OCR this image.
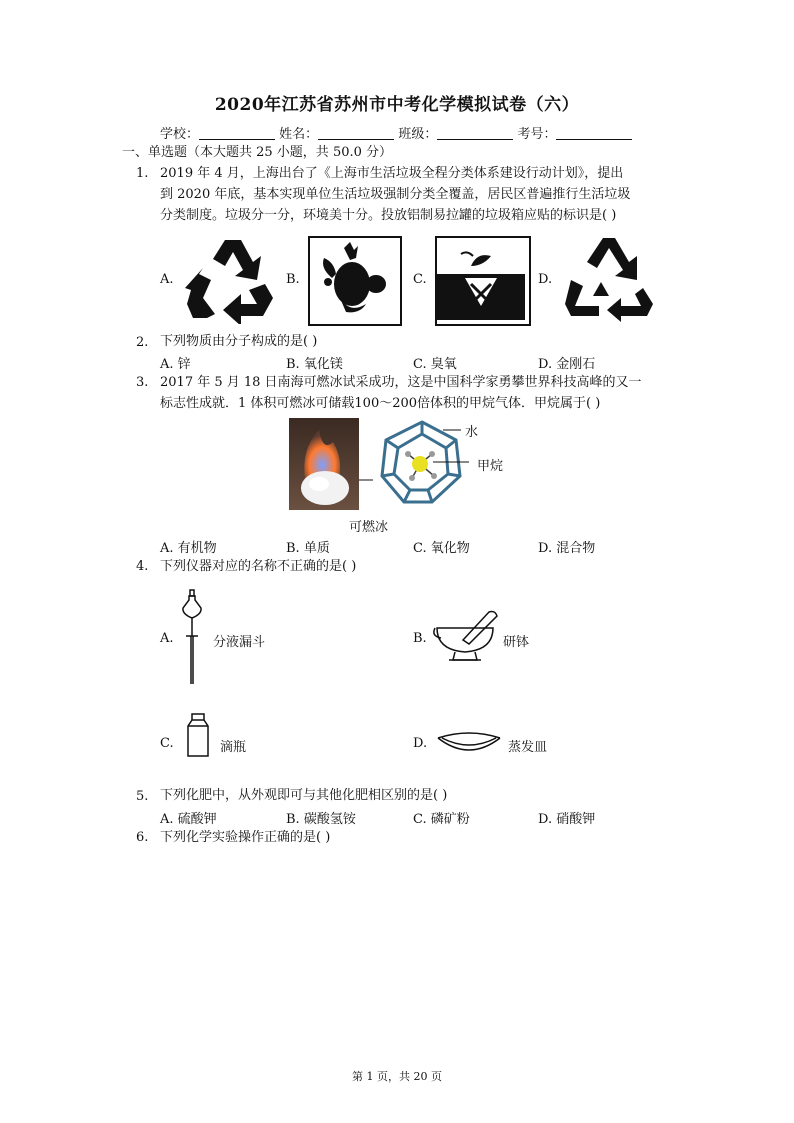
2020年江苏省苏州市中考化学模拟试卷（六）
学校：	姓名：	班级：	考号：
一、单选题（本大题共 25 小题，共 50.0 分）
1. 2019 年 4 月，上海出台了《上海市生活垃圾全程分类体系建设行动计划》，提出
到 2020 年底，基本实现单位生活垃圾强制分类全覆盖，居民区普遍推行生活垃圾
分类制度。垃圾分一分，环境美十分。投放铝制易拉罐的垃圾箱应贴的标识是( )
A.	B.	C.	D.
2. 下列物质由分子构成的是( )
A. 锌	B. 氧化镁	C. 臭氧	D. 金刚石
3. 2017 年 5 月 18 日南海可燃冰试采成功，这是中国科学家勇攀世界科技高峰的又一
标志性成就．1 体积可燃冰可储载100～200倍体积的甲烷气体．甲烷属于( )
水
甲烷
可燃冰
A. 有机物	B. 单质	C. 氧化物	D. 混合物
4. 下列仪器对应的名称不正确的是( )
A.	分液漏斗	B.	研钵
C.	滴瓶	D.	蒸发皿
5. 下列化肥中，从外观即可与其他化肥相区别的是( )
A. 硫酸钾	B. 碳酸氢铵	C. 磷矿粉	D. 硝酸钾
6. 下列化学实验操作正确的是( )
第 1 页，共 20 页
